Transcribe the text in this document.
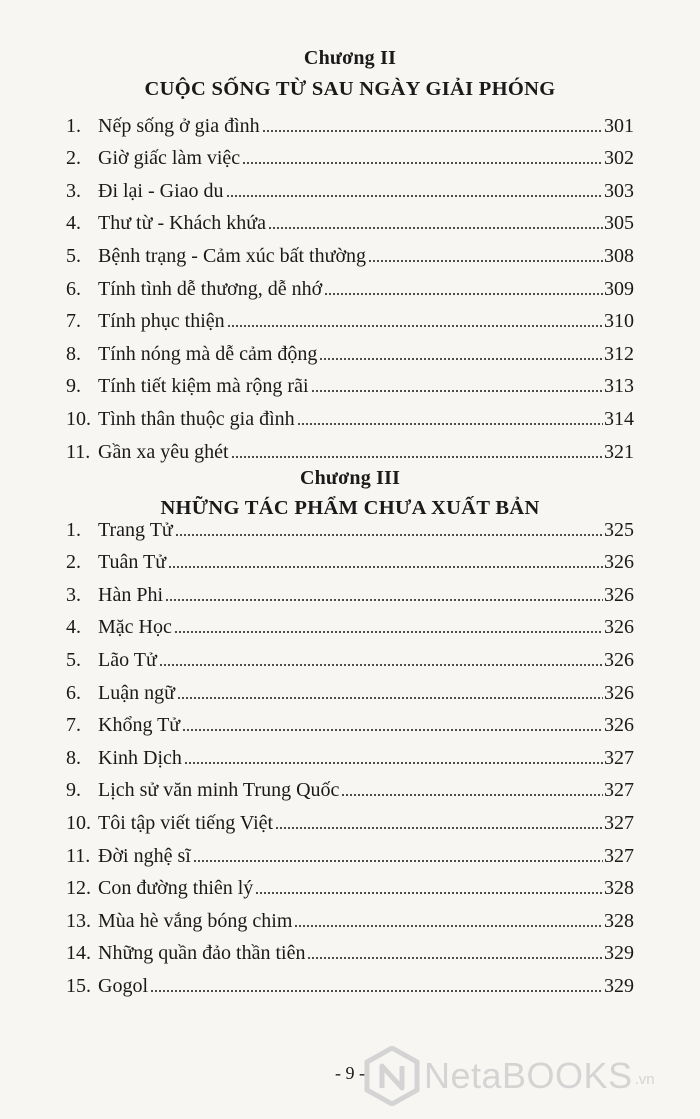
Chương II
CUỘC SỐNG TỪ SAU NGÀY GIẢI PHÓNG
1. Nếp sống ở gia đình	301
2. Giờ giấc làm việc	302
3. Đi lại - Giao du	303
4. Thư từ - Khách khứa	305
5. Bệnh trạng - Cảm xúc bất thường	308
6. Tính tình dễ thương, dễ nhớ	309
7. Tính phục thiện	310
8. Tính nóng mà dễ cảm động	312
9. Tính tiết kiệm mà rộng rãi	313
10. Tình thân thuộc gia đình	314
11. Gần xa yêu ghét	321
Chương III
NHỮNG TÁC PHẨM CHƯA XUẤT BẢN
1. Trang Tử	325
2. Tuân Tử	326
3. Hàn Phi	326
4. Mặc Học	326
5. Lão Tử	326
6. Luận ngữ	326
7. Khổng Tử	326
8. Kinh Dịch	327
9. Lịch sử văn minh Trung Quốc	327
10. Tôi tập viết tiếng Việt	327
11. Đời nghệ sĩ	327
12. Con đường thiên lý	328
13. Mùa hè vắng bóng chim	328
14. Những quần đảo thần tiên	329
15. Gogol	329
- 9 -	NetaBOOKS .vn
